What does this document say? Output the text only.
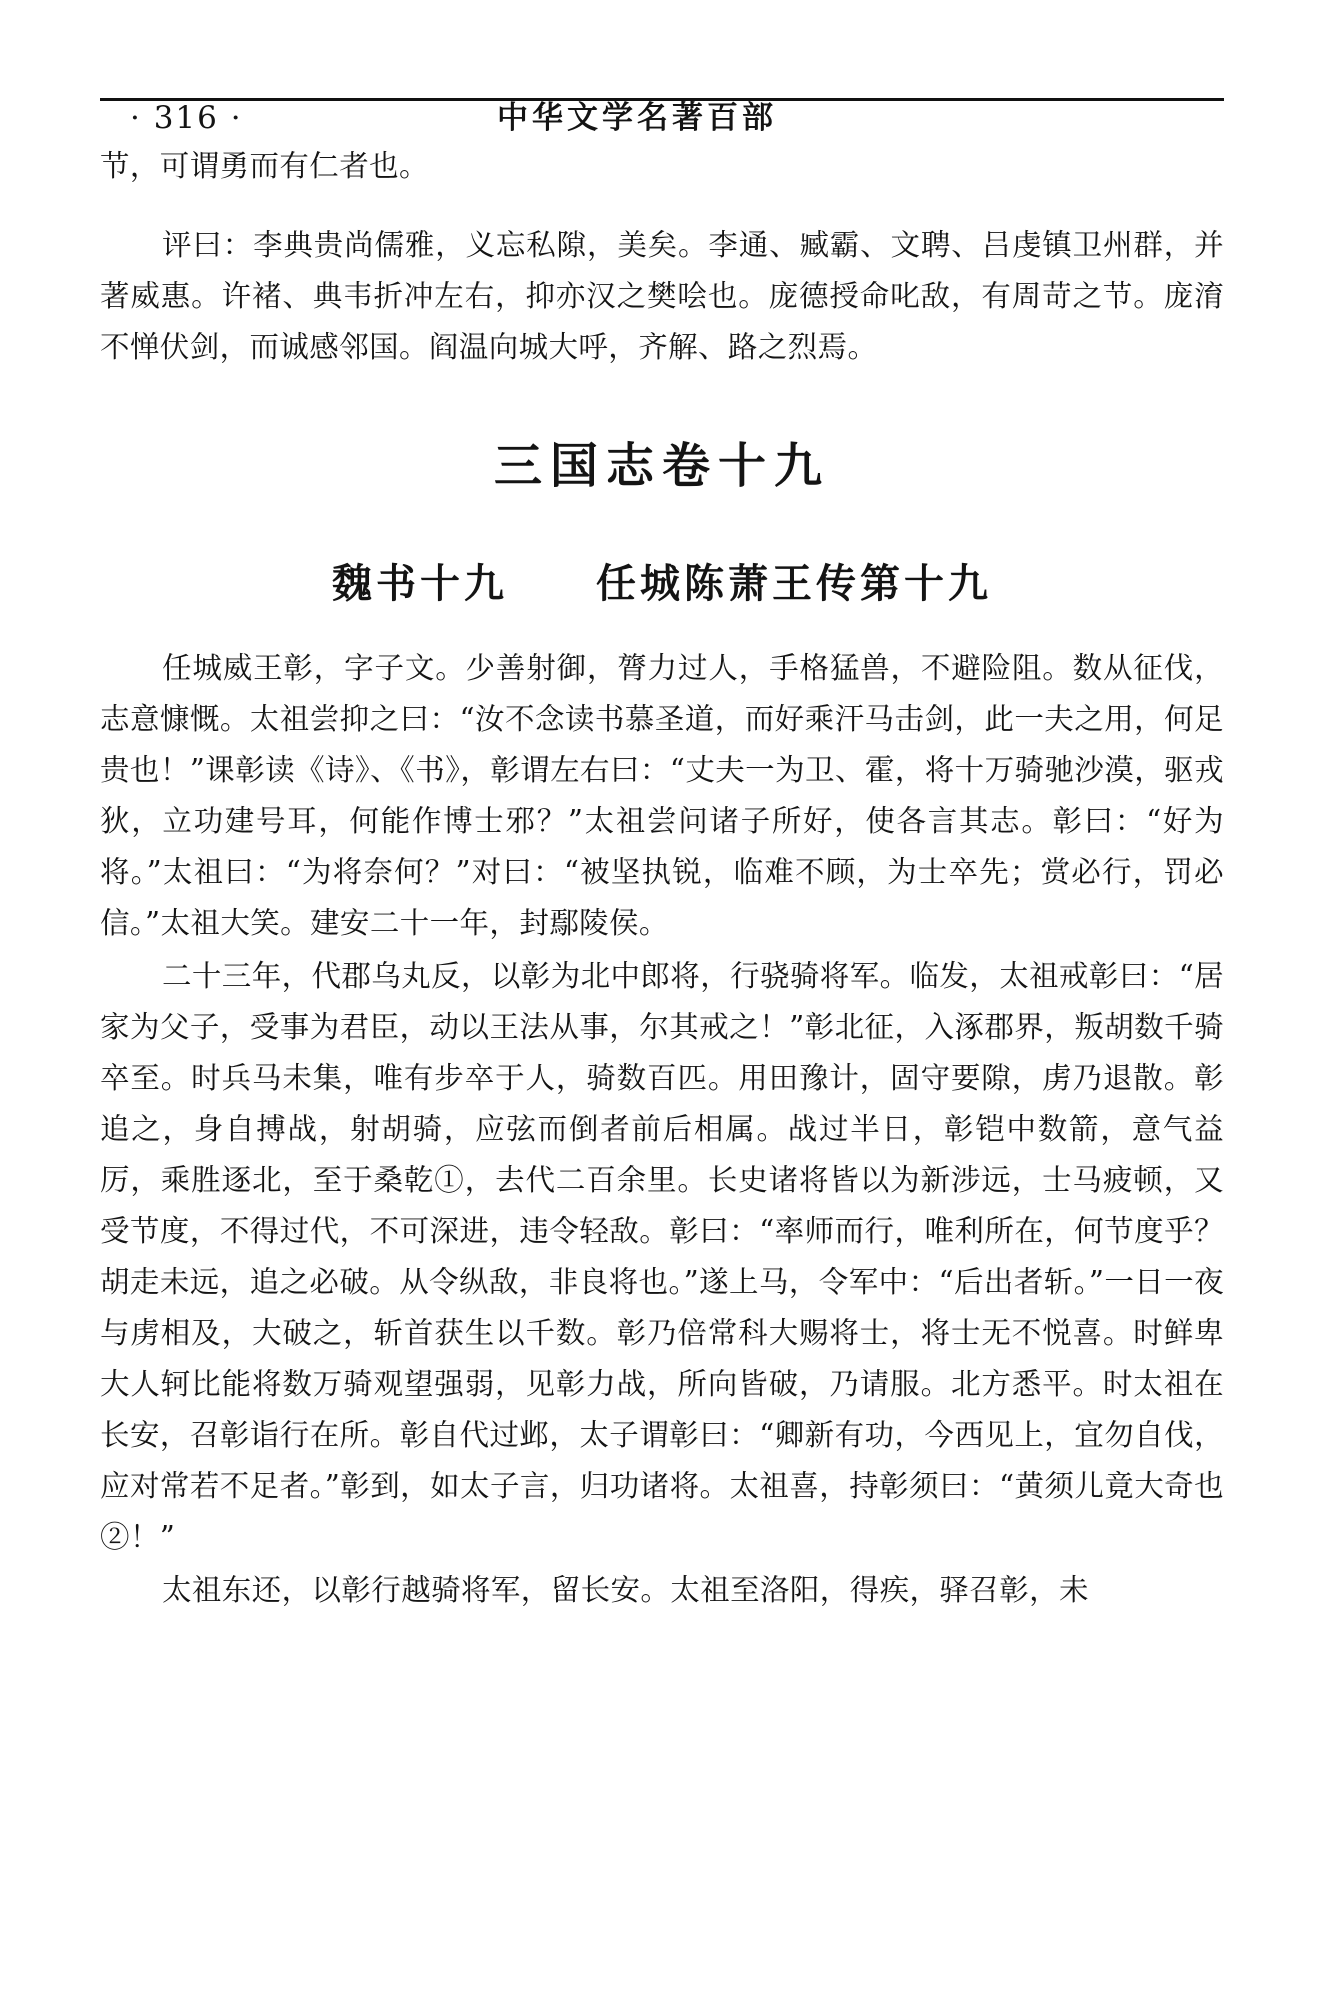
· 316 ·	中华文学名著百部

节，可谓勇而有仁者也。

评曰：李典贵尚儒雅，义忘私隙，美矣。李通、臧霸、文聘、吕虔镇卫州群，并著威惠。许褚、典韦折冲左右，抑亦汉之樊哙也。庞德授命叱敌，有周苛之节。庞淯不惮伏剑，而诚感邻国。阎温向城大呼，齐解、路之烈焉。

三国志卷十九
魏书十九　　任城陈萧王传第十九

任城威王彰，字子文。少善射御，膂力过人，手格猛兽，不避险阻。数从征伐，志意慷慨。太祖尝抑之曰：“汝不念读书慕圣道，而好乘汗马击剑，此一夫之用，何足贵也！”课彰读《诗》、《书》，彰谓左右曰：“丈夫一为卫、霍，将十万骑驰沙漠，驱戎狄，立功建号耳，何能作博士邪？”太祖尝问诸子所好，使各言其志。彰曰：“好为将。”太祖曰：“为将奈何？”对曰：“被坚执锐，临难不顾，为士卒先；赏必行，罚必信。”太祖大笑。建安二十一年，封鄢陵侯。

二十三年，代郡乌丸反，以彰为北中郎将，行骁骑将军。临发，太祖戒彰曰：“居家为父子，受事为君臣，动以王法从事，尔其戒之！”彰北征，入涿郡界，叛胡数千骑卒至。时兵马未集，唯有步卒于人，骑数百匹。用田豫计，固守要隙，虏乃退散。彰追之，身自搏战，射胡骑，应弦而倒者前后相属。战过半日，彰铠中数箭，意气益厉，乘胜逐北，至于桑乾①，去代二百余里。长史诸将皆以为新涉远，士马疲顿，又受节度，不得过代，不可深进，违令轻敌。彰曰：“率师而行，唯利所在，何节度乎？胡走未远，追之必破。从令纵敌，非良将也。”遂上马，令军中：“后出者斩。”一日一夜与虏相及，大破之，斩首获生以千数。彰乃倍常科大赐将士，将士无不悦喜。时鲜卑大人轲比能将数万骑观望强弱，见彰力战，所向皆破，乃请服。北方悉平。时太祖在长安，召彰诣行在所。彰自代过邺，太子谓彰曰：“卿新有功，今西见上，宜勿自伐，应对常若不足者。”彰到，如太子言，归功诸将。太祖喜，持彰须曰：“黄须儿竟大奇也②！”

太祖东还，以彰行越骑将军，留长安。太祖至洛阳，得疾，驿召彰，未
